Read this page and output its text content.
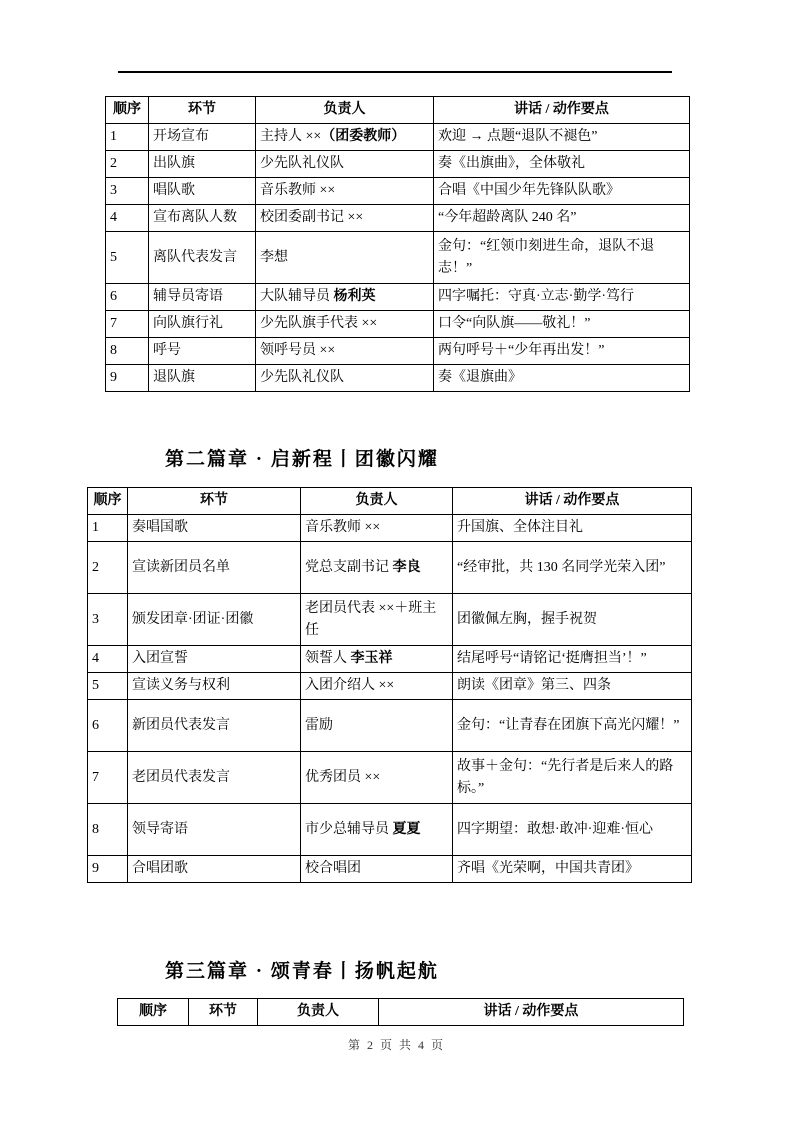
顺序	环节	负责人	讲话 / 动作要点
1	开场宣布	主持人 ××（团委教师）	欢迎 → 点题“退队不褪色”
2	出队旗	少先队礼仪队	奏《出旗曲》，全体敬礼
3	唱队歌	音乐教师 ××	合唱《中国少年先锋队队歌》
4	宣布离队人数	校团委副书记 ××	“今年超龄离队 240 名”
5	离队代表发言	李想	金句：“红领巾刻进生命，退队不退志！”
6	辅导员寄语	大队辅导员 杨利英	四字嘱托：守真·立志·勤学·笃行
7	向队旗行礼	少先队旗手代表 ××	口令“向队旗——敬礼！”
8	呼号	领呼号员 ××	两句呼号＋“少年再出发！”
9	退队旗	少先队礼仪队	奏《退旗曲》
第二篇章 · 启新程丨团徽闪耀
顺序	环节	负责人	讲话 / 动作要点
1	奏唱国歌	音乐教师 ××	升国旗、全体注目礼
2	宣读新团员名单	党总支副书记 李良	“经审批，共 130 名同学光荣入团”
3	颁发团章·团证·团徽	老团员代表 ××＋班主任	团徽佩左胸，握手祝贺
4	入团宣誓	领誓人 李玉祥	结尾呼号“请铭记‘挺膺担当’！”
5	宣读义务与权利	入团介绍人 ××	朗读《团章》第三、四条
6	新团员代表发言	雷励	金句：“让青春在团旗下高光闪耀！”
7	老团员代表发言	优秀团员 ××	故事＋金句：“先行者是后来人的路标。”
8	领导寄语	市少总辅导员 夏夏	四字期望：敢想·敢冲·迎难·恒心
9	合唱团歌	校合唱团	齐唱《光荣啊，中国共青团》
第三篇章 · 颂青春丨扬帆起航
顺序	环节	负责人	讲话 / 动作要点
第 2 页 共 4 页
